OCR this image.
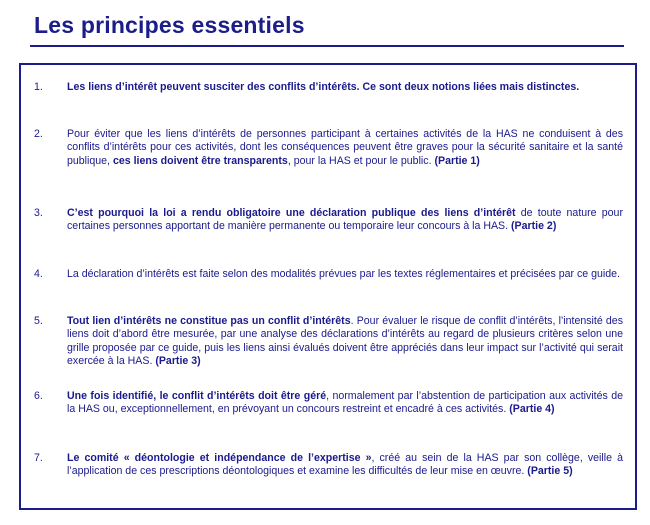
Les principes essentiels
1. Les liens d’intérêt peuvent susciter des conflits d’intérêts. Ce sont deux notions liées mais distinctes.
2. Pour éviter que les liens d’intérêts de personnes participant à certaines activités de la HAS ne conduisent à des conflits d’intérêts pour ces activités, dont les conséquences peuvent être graves pour la sécurité sanitaire et la santé publique, ces liens doivent être transparents, pour la HAS et pour le public. (Partie 1)
3. C’est pourquoi la loi a rendu obligatoire une déclaration publique des liens d’intérêt de toute nature pour certaines personnes apportant de manière permanente ou temporaire leur concours à la HAS. (Partie 2)
4. La déclaration d’intérêts est faite selon des modalités prévues par les textes réglementaires et précisées par ce guide.
5. Tout lien d’intérêts ne constitue pas un conflit d’intérêts. Pour évaluer le risque de conflit d’intérêts, l’intensité des liens doit d’abord être mesurée, par une analyse des déclarations d’intérêts au regard de plusieurs critères selon une grille proposée par ce guide, puis les liens ainsi évalués doivent être appréciés dans leur impact sur l’activité qui serait exercée à la HAS. (Partie 3)
6. Une fois identifié, le conflit d’intérêts doit être géré, normalement par l’abstention de participation aux activités de la HAS ou, exceptionnellement, en prévoyant un concours restreint et encadré à ces activités. (Partie 4)
7. Le comité « déontologie et indépendance de l’expertise », créé au sein de la HAS par son collège, veille à l’application de ces prescriptions déontologiques et examine les difficultés de leur mise en œuvre. (Partie 5)
